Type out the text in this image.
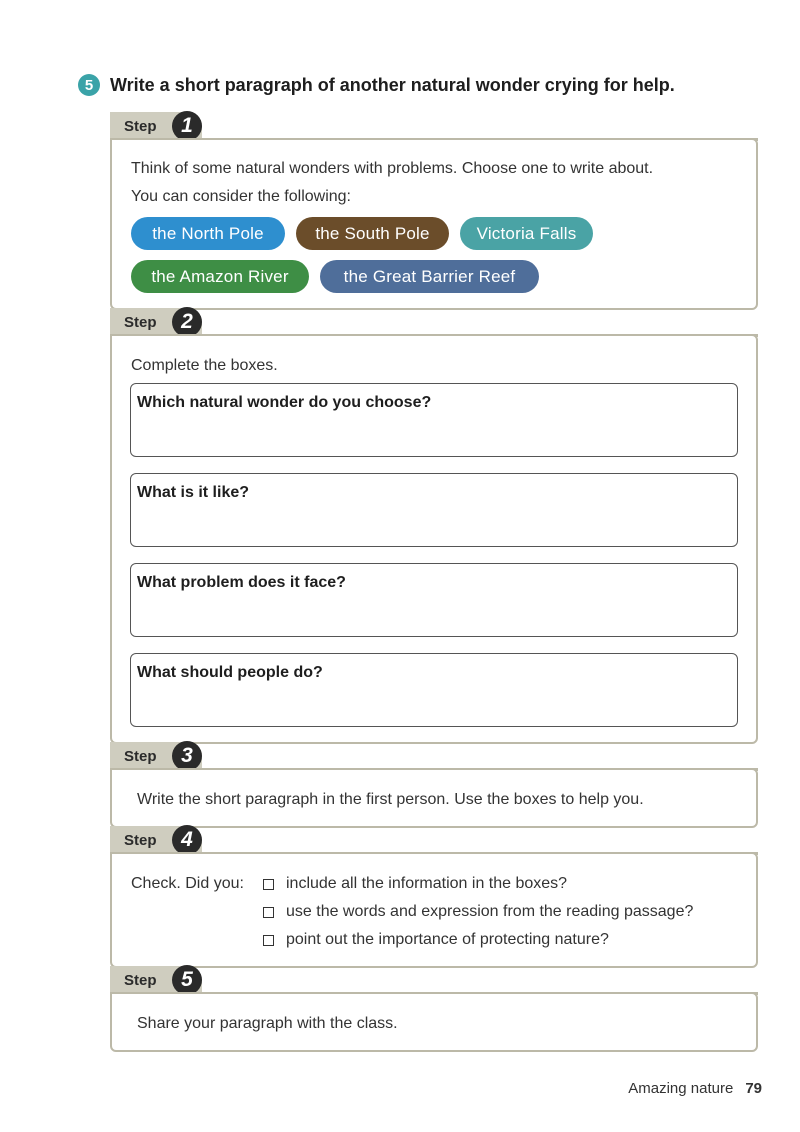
5 Write a short paragraph of another natural wonder crying for help.
Step	1
Think of some natural wonders with problems. Choose one to write about.
You can consider the following:
the North Pole	the South Pole	Victoria Falls
the Amazon River	the Great Barrier Reef
Step	2
Complete the boxes.
Which natural wonder do you choose?
What is it like?
What problem does it face?
What should people do?
Step	3
Write the short paragraph in the first person. Use the boxes to help you.
Step	4
Check. Did you:	include all the information in the boxes?
use the words and expression from the reading passage?
point out the importance of protecting nature?
Step	5
Share your paragraph with the class.
Amazing nature 79
